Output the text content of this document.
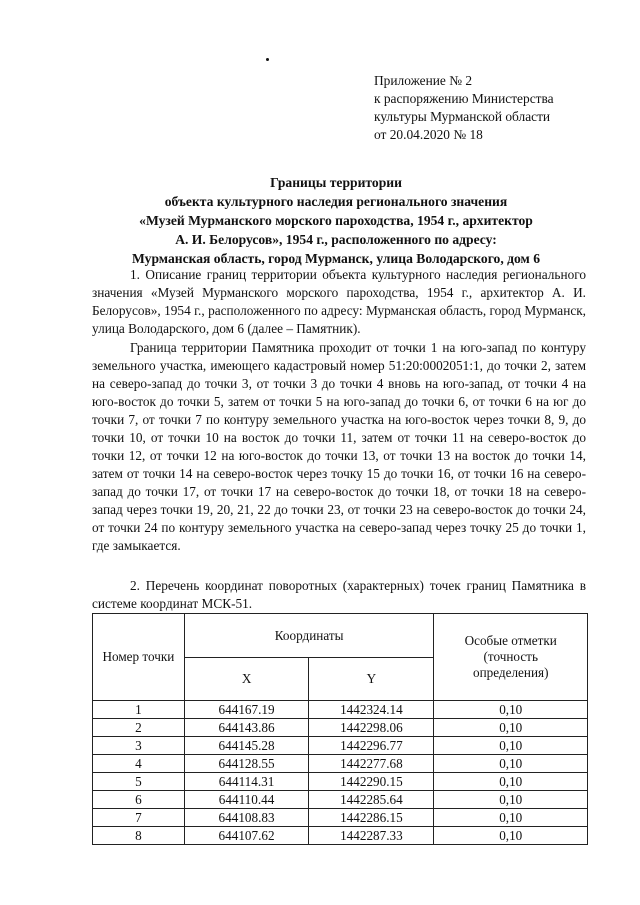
Приложение № 2
к распоряжению Министерства
культуры Мурманской области
от 20.04.2020 № 18
Границы территории
объекта культурного наследия регионального значения
«Музей Мурманского морского пароходства, 1954 г., архитектор
А. И. Белорусов», 1954 г., расположенного по адресу:
Мурманская область, город Мурманск, улица Володарского, дом 6

1. Описание границ территории объекта культурного наследия регионального значения «Музей Мурманского морского пароходства, 1954 г., архитектор А. И. Белорусов», 1954 г., расположенного по адресу: Мурманская область, город Мурманск, улица Володарского, дом 6 (далее – Памятник).

Граница территории Памятника проходит от точки 1 на юго-запад по контуру земельного участка, имеющего кадастровый номер 51:20:0002051:1, до точки 2, затем на северо-запад до точки 3, от точки 3 до точки 4 вновь на юго-запад, от точки 4 на юго-восток до точки 5, затем от точки 5 на юго-запад до точки 6, от точки 6 на юг до точки 7, от точки 7 по контуру земельного участка на юго-восток через точки 8, 9, до точки 10, от точки 10 на восток до точки 11, затем от точки 11 на северо-восток до точки 12, от точки 12 на юго-восток до точки 13, от точки 13 на восток до точки 14, затем от точки 14 на северо-восток через точку 15 до точки 16, от точки 16 на северо-запад до точки 17, от точки 17 на северо-восток до точки 18, от точки 18 на северо-запад через точки 19, 20, 21, 22 до точки 23, от точки 23 на северо-восток до точки 24, от точки 24 по контуру земельного участка на северо-запад через точку 25 до точки 1, где замыкается.

2. Перечень координат поворотных (характерных) точек границ Памятника в системе координат МСК-51.

Номер точки	Координаты		Особые отметки (точность определения)
	X	Y	
1	644167.19	1442324.14	0,10
2	644143.86	1442298.06	0,10
3	644145.28	1442296.77	0,10
4	644128.55	1442277.68	0,10
5	644114.31	1442290.15	0,10
6	644110.44	1442285.64	0,10
7	644108.83	1442286.15	0,10
8	644107.62	1442287.33	0,10
